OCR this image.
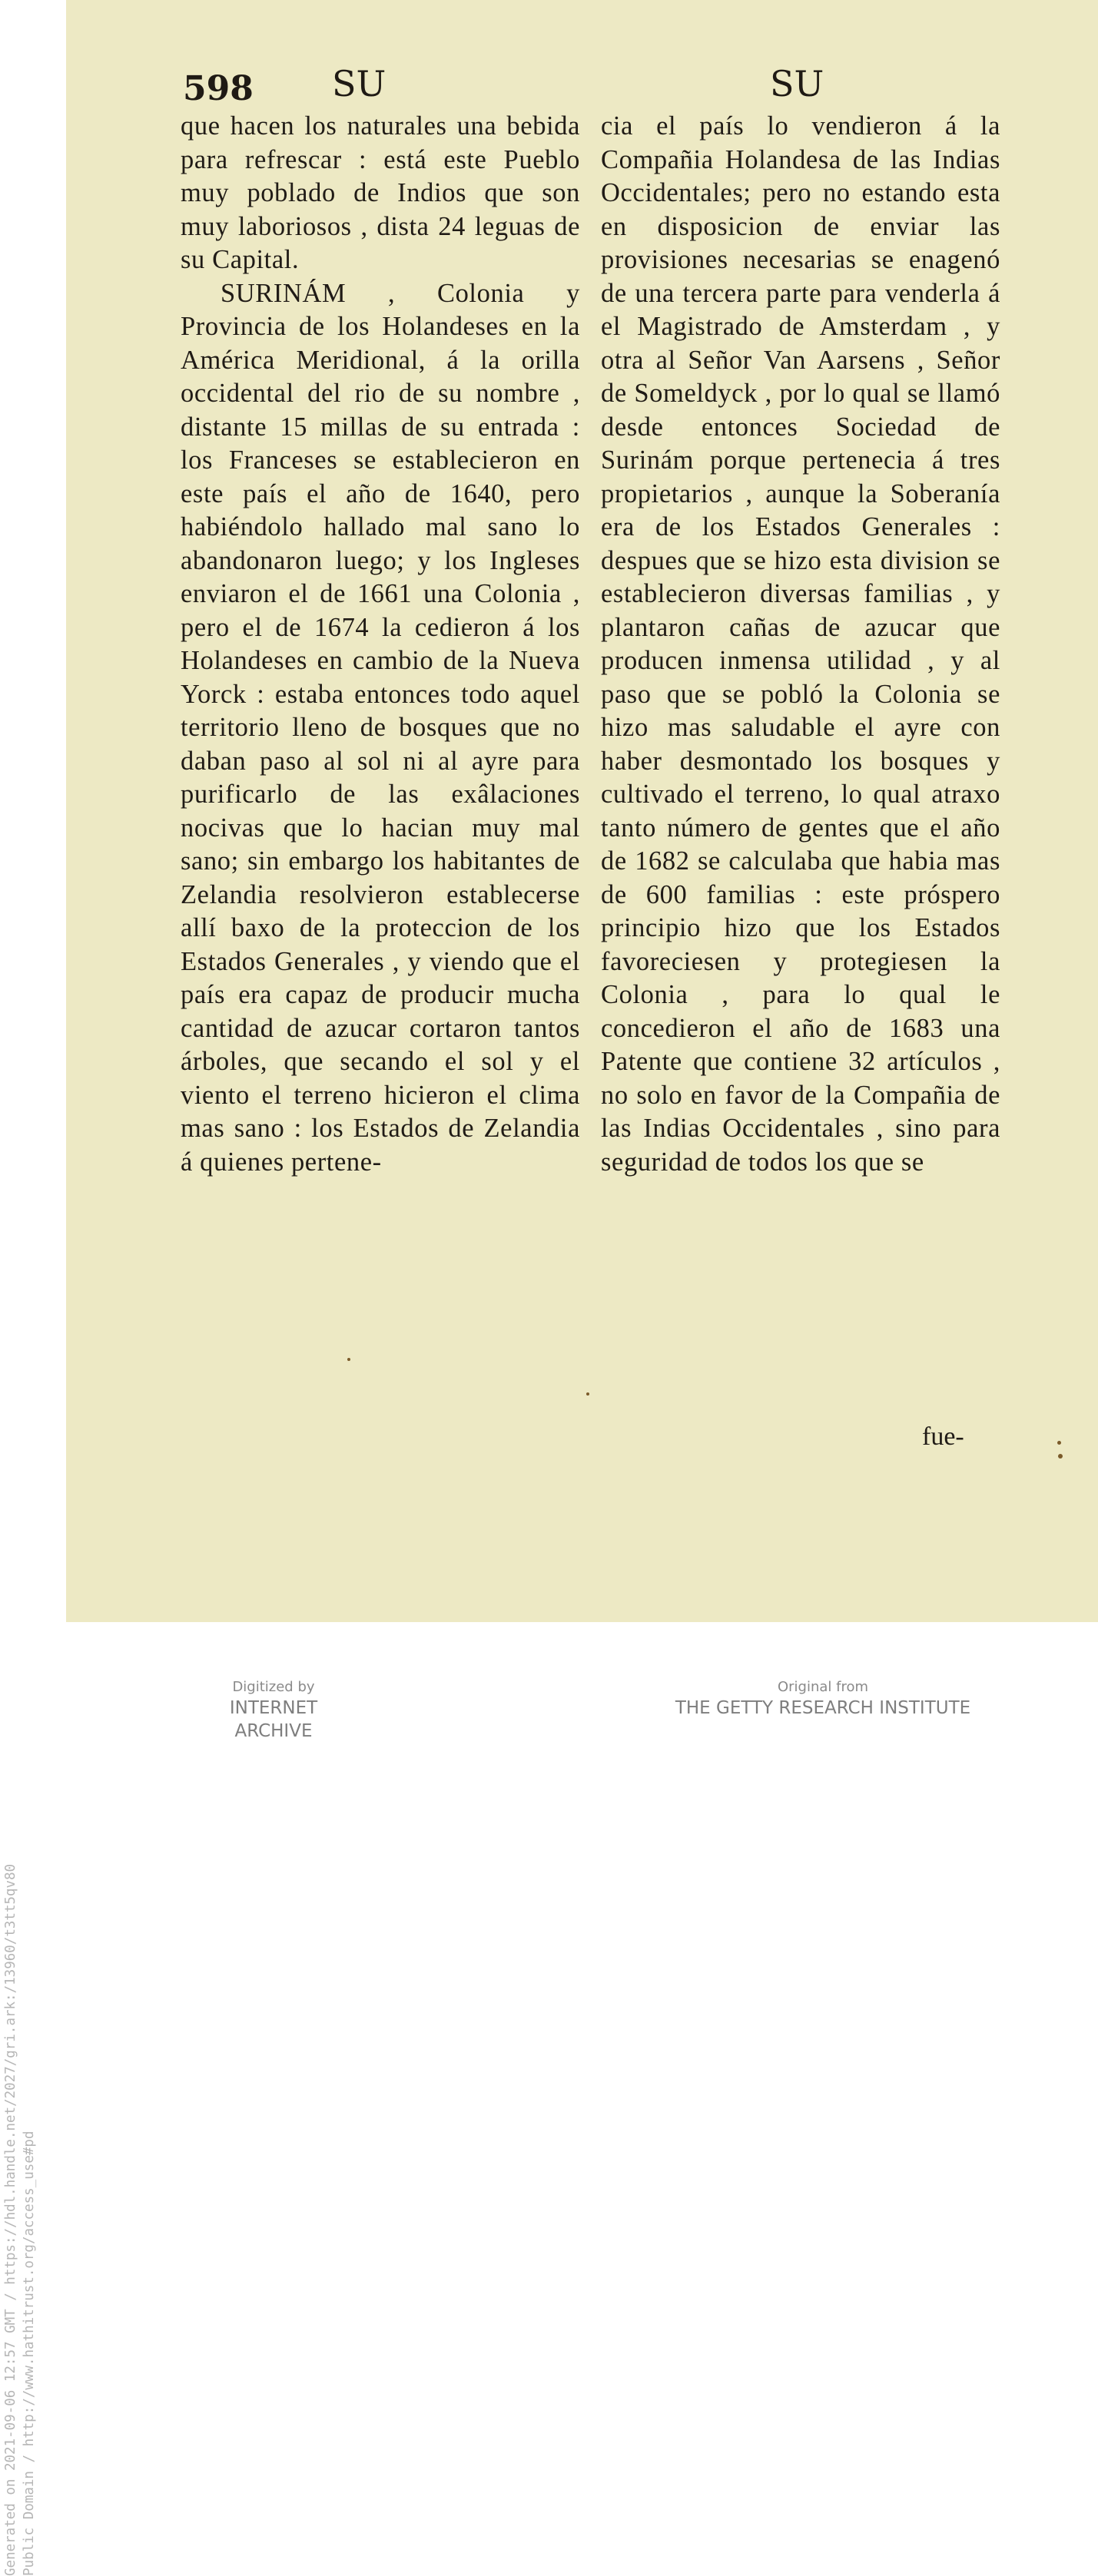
Generated on 2021-09-06 12:57 GMT / https://hdl.handle.net/2027/gri.ark:/13960/t3tt5qv80 Public Domain / http://www.hathitrust.org/access_use#pd
598 SU	SU

que hacen los naturales una bebida para refrescar : está este Pueblo muy poblado de Indios que son muy laboriosos , dista 24 leguas de su Capital.

SURINÁM , Colonia y Provincia de los Holandeses en la América Meridional, á la orilla occidental del rio de su nombre , distante 15 millas de su entrada : los Franceses se establecieron en este país el año de 1640, pero habiéndolo hallado mal sano lo abandonaron luego; y los Ingleses enviaron el de 1661 una Colonia , pero el de 1674 la cedieron á los Holandeses en cambio de la Nueva Yorck : estaba entonces todo aquel territorio lleno de bosques que no daban paso al sol ni al ayre para purificarlo de las exâlaciones nocivas que lo hacian muy mal sano; sin embargo los habitantes de Zelandia resolvieron establecerse allí baxo de la proteccion de los Estados Generales , y viendo que el país era capaz de producir mucha cantidad de azucar cortaron tantos árboles, que secando el sol y el viento el terreno hicieron el clima mas sano : los Estados de Zelandia á quienes pertene-

cia el país lo vendieron á la Compañia Holandesa de las Indias Occidentales; pero no estando esta en disposicion de enviar las provisiones necesarias se enagenó de una tercera parte para venderla á el Magistrado de Amsterdam , y otra al Señor Van Aarsens , Señor de Someldyck , por lo qual se llamó desde entonces Sociedad de Surinám porque pertenecia á tres propietarios , aunque la Soberanía era de los Estados Generales : despues que se hizo esta division se establecieron diversas familias , y plantaron cañas de azucar que producen inmensa utilidad , y al paso que se pobló la Colonia se hizo mas saludable el ayre con haber desmontado los bosques y cultivado el terreno, lo qual atraxo tanto número de gentes que el año de 1682 se calculaba que habia mas de 600 familias : este próspero principio hizo que los Estados favoreciesen y protegiesen la Colonia , para lo qual le concedieron el año de 1683 una Patente que contiene 32 artículos , no solo en favor de la Compañia de las Indias Occidentales , sino para seguridad de todos los que se

fue-
Digitized by
INTERNET ARCHIVE
Original from
THE GETTY RESEARCH INSTITUTE
